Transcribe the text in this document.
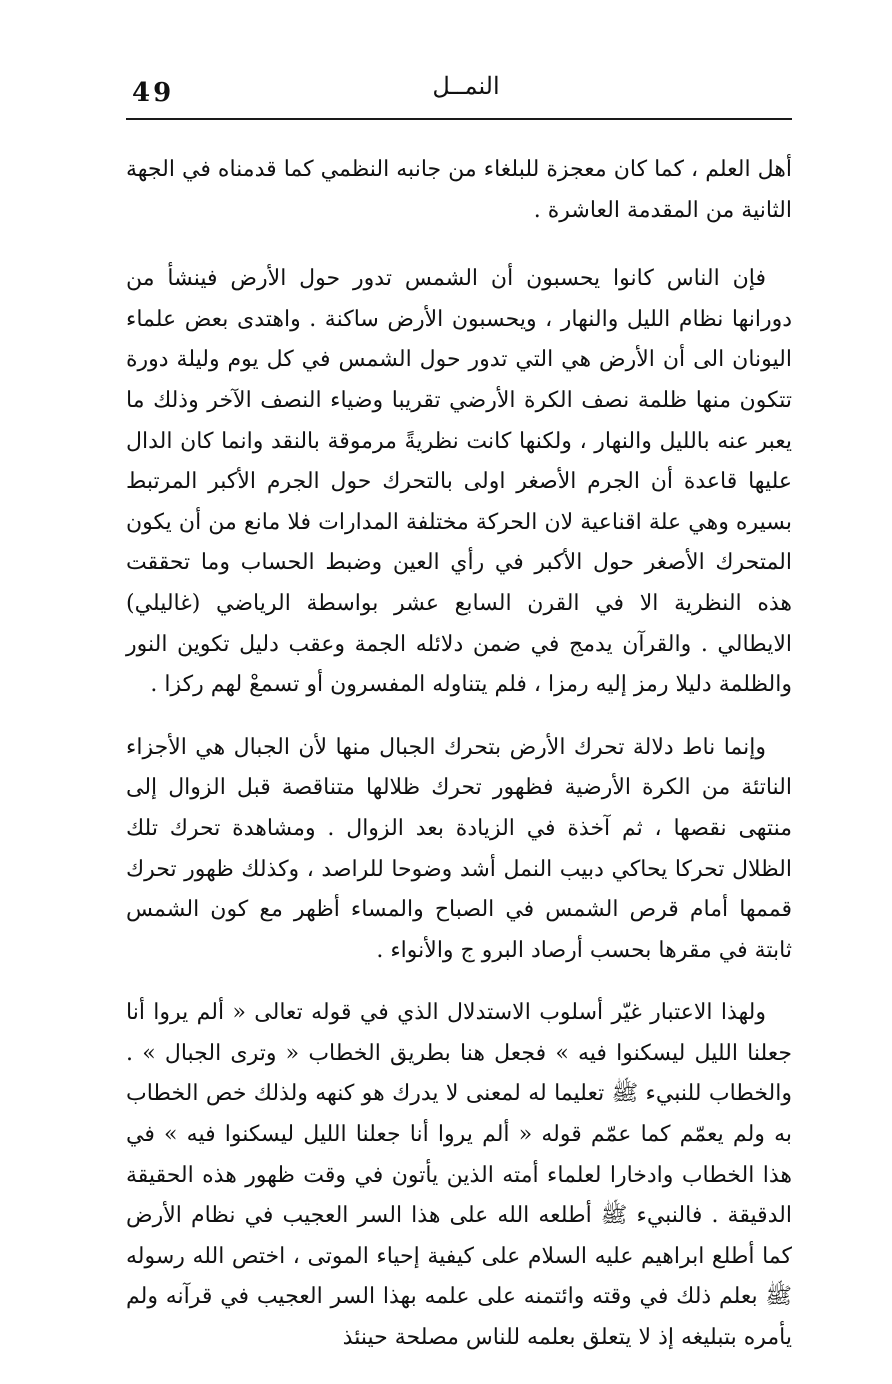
49	النمــل

أهل العلم ، كما كان معجزة للبلغاء من جانبه النظمي كما قدمناه في الجهة الثانية من المقدمة العاشرة .

فإن الناس كانوا يحسبون أن الشمس تدور حول الأرض فينشأ من دورانها نظام الليل والنهار ، ويحسبون الأرض ساكنة . واهتدى بعض علماء اليونان الى أن الأرض هي التي تدور حول الشمس في كل يوم وليلة دورة تتكون منها ظلمة نصف الكرة الأرضي تقريبا وضياء النصف الآخر وذلك ما يعبر عنه بالليل والنهار ، ولكنها كانت نظريةً مرموقة بالنقد وانما كان الدال عليها قاعدة أن الجرم الأصغر اولى بالتحرك حول الجرم الأكبر المرتبط بسيره وهي علة اقناعية لان الحركة مختلفة المدارات فلا مانع من أن يكون المتحرك الأصغر حول الأكبر في رأي العين وضبط الحساب وما تحققت هذه النظرية الا في القرن السابع عشر بواسطة الرياضي (غاليلي) الايطالي . والقرآن يدمج في ضمن دلائله الجمة وعقب دليل تكوين النور والظلمة دليلا رمز إليه رمزا ، فلم يتناوله المفسرون أو تسمعْ لهم ركزا .

وإنما ناط دلالة تحرك الأرض بتحرك الجبال منها لأن الجبال هي الأجزاء الناتئة من الكرة الأرضية فظهور تحرك ظلالها متناقصة قبل الزوال إلى منتهى نقصها ، ثم آخذة في الزيادة بعد الزوال . ومشاهدة تحرك تلك الظلال تحركا يحاكي دبيب النمل أشد وضوحا للراصد ، وكذلك ظهور تحرك قممها أمام قرص الشمس في الصباح والمساء أظهر مع كون الشمس ثابتة في مقرها بحسب أرصاد البرو ج والأنواء .

ولهذا الاعتبار غيّر أسلوب الاستدلال الذي في قوله تعالى « ألم يروا أنا جعلنا الليل ليسكنوا فيه » فجعل هنا بطريق الخطاب « وترى الجبال » . والخطاب للنبيء ﷺ تعليما له لمعنى لا يدرك هو كنهه ولذلك خص الخطاب به ولم يعمّم كما عمّم قوله « ألم يروا أنا جعلنا الليل ليسكنوا فيه » في هذا الخطاب وادخارا لعلماء أمته الذين يأتون في وقت ظهور هذه الحقيقة الدقيقة . فالنبيء ﷺ أطلعه الله على هذا السر العجيب في نظام الأرض كما أطلع ابراهيم عليه السلام على كيفية إحياء الموتى ، اختص الله رسوله ﷺ بعلم ذلك في وقته وائتمنه على علمه بهذا السر العجيب في قرآنه ولم يأمره بتبليغه إذ لا يتعلق بعلمه للناس مصلحة حينئذ
